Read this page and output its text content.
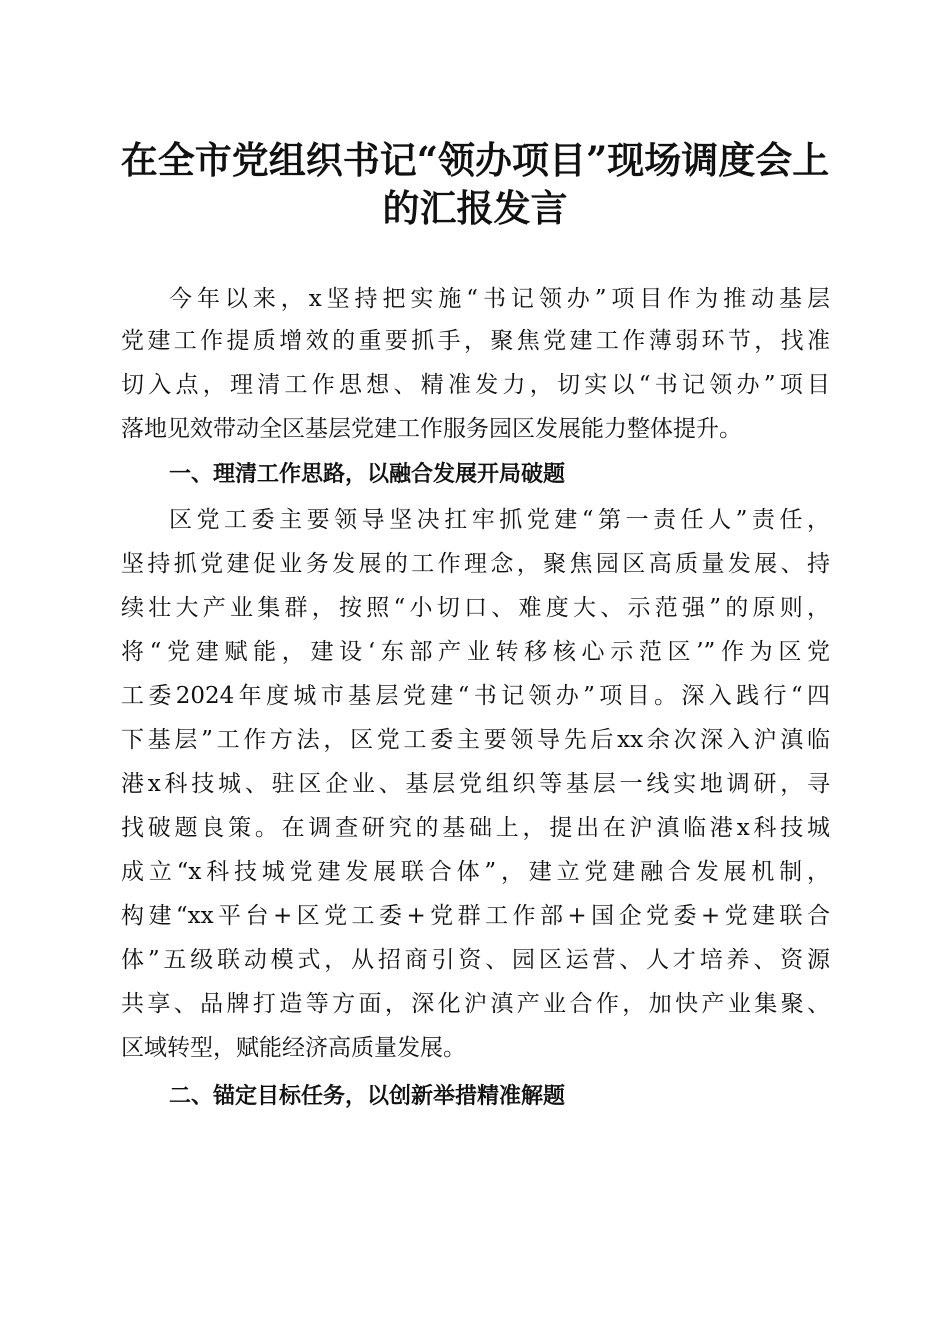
在全市党组织书记“领办项目”现场调度会上
的汇报发言
今年以来，x坚持把实施“书记领办”项目作为推动基层
党建工作提质增效的重要抓手，聚焦党建工作薄弱环节，找准
切入点，理清工作思想、精准发力，切实以“书记领办”项目
落地见效带动全区基层党建工作服务园区发展能力整体提升。
一、理清工作思路，以融合发展开局破题
区党工委主要领导坚决扛牢抓党建“第一责任人”责任，
坚持抓党建促业务发展的工作理念，聚焦园区高质量发展、持
续壮大产业集群，按照“小切口、难度大、示范强”的原则，
将“党建赋能，建设‘东部产业转移核心示范区’”作为区党
工委2024年度城市基层党建“书记领办”项目。深入践行“四
下基层”工作方法，区党工委主要领导先后xx余次深入沪滇临
港x科技城、驻区企业、基层党组织等基层一线实地调研，寻
找破题良策。在调查研究的基础上，提出在沪滇临港x科技城
成立“x科技城党建发展联合体”，建立党建融合发展机制，
构建“xx平台+区党工委+党群工作部+国企党委+党建联合
体”五级联动模式，从招商引资、园区运营、人才培养、资源
共享、品牌打造等方面，深化沪滇产业合作，加快产业集聚、
区域转型，赋能经济高质量发展。
二、锚定目标任务，以创新举措精准解题
